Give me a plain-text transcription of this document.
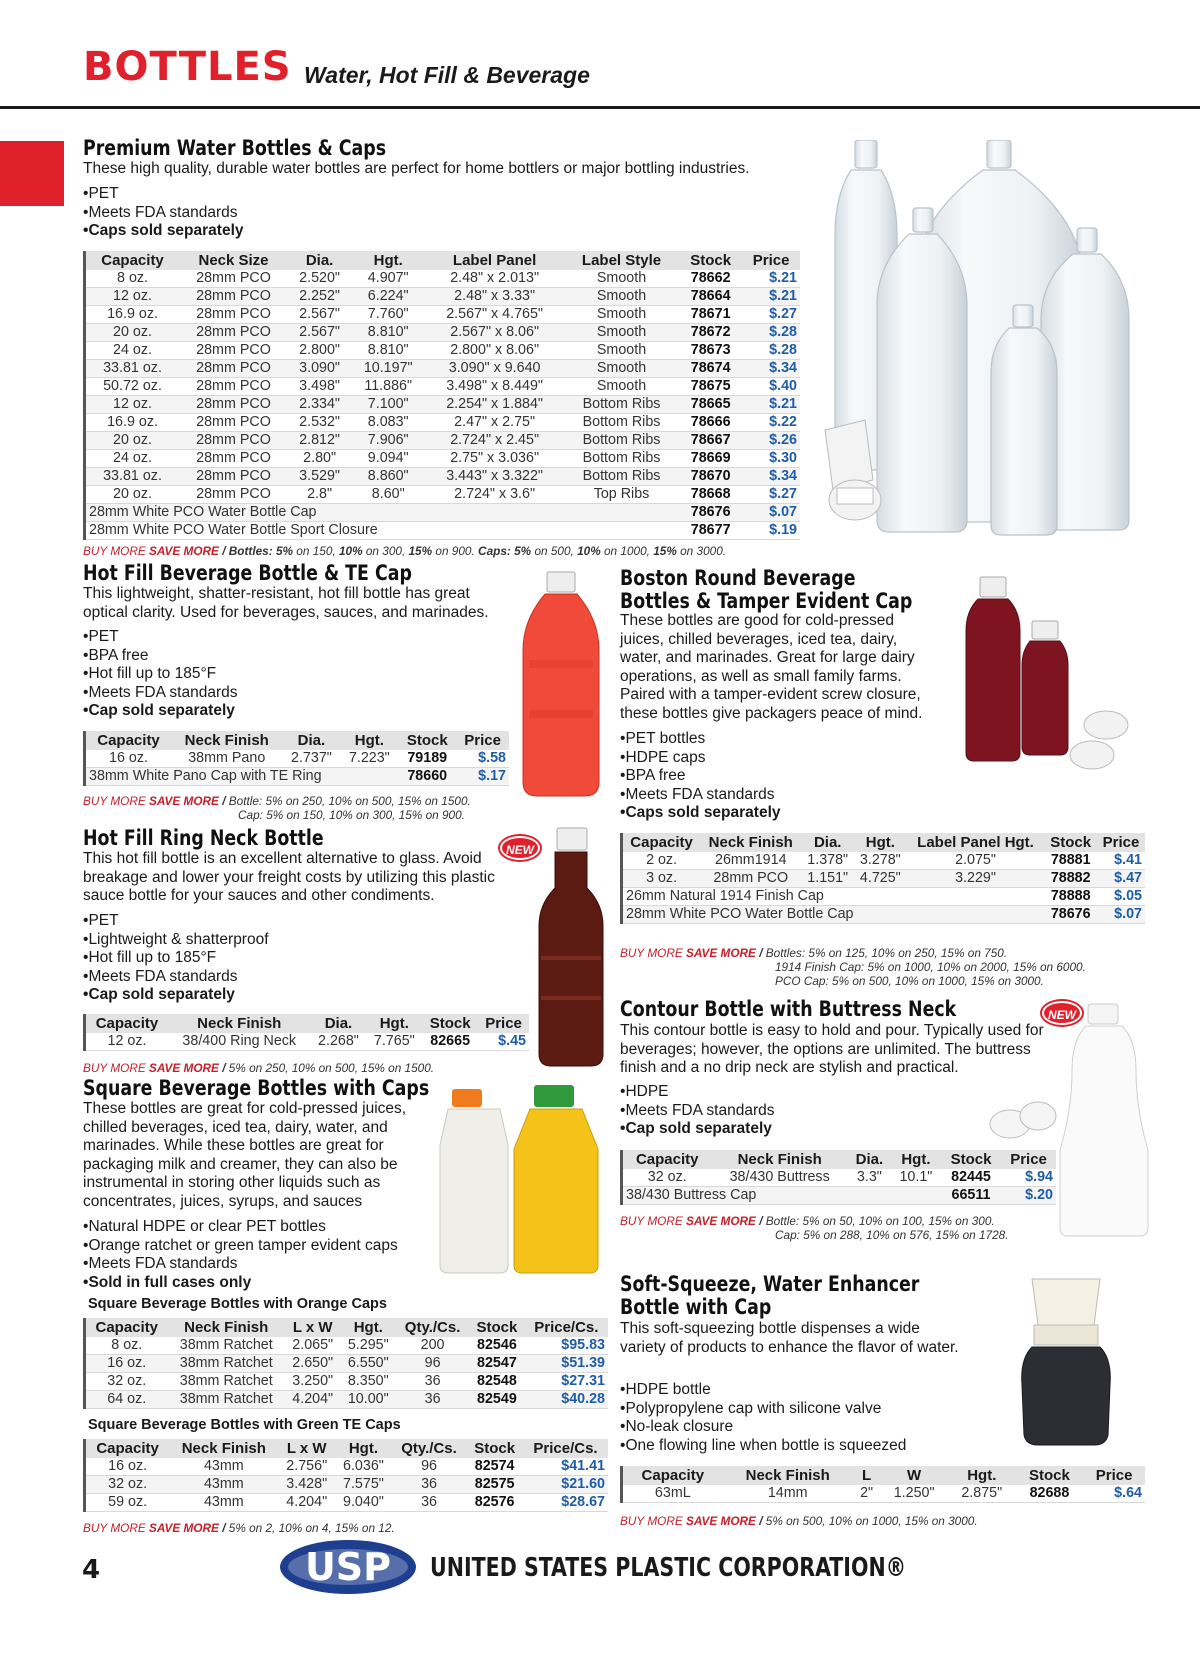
BOTTLES Water, Hot Fill & Beverage
Premium Water Bottles & Caps
These high quality, durable water bottles are perfect for home bottlers or major bottling industries.
• PET
• Meets FDA standards
• Caps sold separately
Capacity	Neck Size	Dia.	Hgt.	Label Panel	Label Style	Stock	Price
8 oz.	28mm PCO	2.520"	4.907"	2.48" x 2.013"	Smooth	78662	$.21
12 oz.	28mm PCO	2.252"	6.224"	2.48" x 3.33"	Smooth	78664	$.21
16.9 oz.	28mm PCO	2.567"	7.760"	2.567" x 4.765"	Smooth	78671	$.27
20 oz.	28mm PCO	2.567"	8.810"	2.567" x 8.06"	Smooth	78672	$.28
24 oz.	28mm PCO	2.800"	8.810"	2.800" x 8.06"	Smooth	78673	$.28
33.81 oz.	28mm PCO	3.090"	10.197"	3.090" x 9.640	Smooth	78674	$.34
50.72 oz.	28mm PCO	3.498"	11.886"	3.498" x 8.449"	Smooth	78675	$.40
12 oz.	28mm PCO	2.334"	7.100"	2.254" x 1.884"	Bottom Ribs	78665	$.21
16.9 oz.	28mm PCO	2.532"	8.083"	2.47" x 2.75"	Bottom Ribs	78666	$.22
20 oz.	28mm PCO	2.812"	7.906"	2.724" x 2.45"	Bottom Ribs	78667	$.26
24 oz.	28mm PCO	2.80"	9.094"	2.75" x 3.036"	Bottom Ribs	78669	$.30
33.81 oz.	28mm PCO	3.529"	8.860"	3.443" x 3.322"	Bottom Ribs	78670	$.34
20 oz.	28mm PCO	2.8"	8.60"	2.724" x 3.6"	Top Ribs	78668	$.27
28mm White PCO Water Bottle Cap						78676	$.07
28mm White PCO Water Bottle Sport Closure						78677	$.19
BUY MORE SAVE MORE / Bottles: 5% on 150, 10% on 300, 15% on 900. Caps: 5% on 500, 10% on 1000, 15% on 3000.
Hot Fill Beverage Bottle & TE Cap
This lightweight, shatter-resistant, hot fill bottle has great optical clarity. Used for beverages, sauces, and marinades.
• PET
• BPA free
• Hot fill up to 185°F
• Meets FDA standards
• Cap sold separately
Capacity	Neck Finish	Dia.	Hgt.	Stock	Price
16 oz.	38mm Pano	2.737"	7.223"	79189	$.58
38mm White Pano Cap with TE Ring				78660	$.17
BUY MORE SAVE MORE / Bottle: 5% on 250, 10% on 500, 15% on 1500.
Cap: 5% on 150, 10% on 300, 15% on 900.
Hot Fill Ring Neck Bottle	NEW
This hot fill bottle is an excellent alternative to glass. Avoid breakage and lower your freight costs by utilizing this plastic sauce bottle for your sauces and other condiments.
• PET
• Lightweight & shatterproof
• Hot fill up to 185°F
• Meets FDA standards
• Cap sold separately
Capacity	Neck Finish	Dia.	Hgt.	Stock	Price
12 oz.	38/400 Ring Neck	2.268"	7.765"	82665	$.45
BUY MORE SAVE MORE / 5% on 250, 10% on 500, 15% on 1500.
Square Beverage Bottles with Caps
These bottles are great for cold-pressed juices, chilled beverages, iced tea, dairy, water, and marinades. While these bottles are great for packaging milk and creamer, they can also be instrumental in storing other liquids such as concentrates, juices, syrups, and sauces
• Natural HDPE or clear PET bottles
• Orange ratchet or green tamper evident caps
• Meets FDA standards
• Sold in full cases only
Square Beverage Bottles with Orange Caps
Capacity	Neck Finish	L x W	Hgt.	Qty./Cs.	Stock	Price/Cs.
8 oz.	38mm Ratchet	2.065"	5.295"	200	82546	$95.83
16 oz.	38mm Ratchet	2.650"	6.550"	96	82547	$51.39
32 oz.	38mm Ratchet	3.250"	8.350"	36	82548	$27.31
64 oz.	38mm Ratchet	4.204"	10.00"	36	82549	$40.28
Square Beverage Bottles with Green TE Caps
Capacity	Neck Finish	L x W	Hgt.	Qty./Cs.	Stock	Price/Cs.
16 oz.	43mm	2.756"	6.036"	96	82574	$41.41
32 oz.	43mm	3.428"	7.575"	36	82575	$21.60
59 oz.	43mm	4.204"	9.040"	36	82576	$28.67
BUY MORE SAVE MORE / 5% on 2, 10% on 4, 15% on 12.
Boston Round Beverage Bottles & Tamper Evident Cap
These bottles are good for cold-pressed juices, chilled beverages, iced tea, dairy, water, and marinades. Great for large dairy operations, as well as small family farms. Paired with a tamper-evident screw closure, these bottles give packagers peace of mind.
• PET bottles
• HDPE caps
• BPA free
• Meets FDA standards
• Caps sold separately
Capacity	Neck Finish	Dia.	Hgt.	Label Panel Hgt.	Stock	Price
2 oz.	26mm1914	1.378"	3.278"	2.075"	78881	$.41
3 oz.	28mm PCO	1.151"	4.725"	3.229"	78882	$.47
26mm Natural 1914 Finish Cap					78888	$.05
28mm White PCO Water Bottle Cap					78676	$.07
BUY MORE SAVE MORE / Bottles: 5% on 125, 10% on 250, 15% on 750.
1914 Finish Cap: 5% on 1000, 10% on 2000, 15% on 6000.
PCO Cap: 5% on 500, 10% on 1000, 15% on 3000.
Contour Bottle with Buttress Neck	NEW
This contour bottle is easy to hold and pour. Typically used for beverages; however, the options are unlimited. The buttress finish and a no drip neck are stylish and practical.
• HDPE
• Meets FDA standards
• Cap sold separately
Capacity	Neck Finish	Dia.	Hgt.	Stock	Price
32 oz.	38/430 Buttress	3.3"	10.1"	82445	$.94
38/430 Buttress Cap				66511	$.20
BUY MORE SAVE MORE / Bottle: 5% on 50, 10% on 100, 15% on 300.
Cap: 5% on 288, 10% on 576, 15% on 1728.
Soft-Squeeze, Water Enhancer Bottle with Cap
This soft-squeezing bottle dispenses a wide variety of products to enhance the flavor of water.
• HDPE bottle
• Polypropylene cap with silicone valve
• No-leak closure
• One flowing line when bottle is squeezed
Capacity	Neck Finish	L	W	Hgt.	Stock	Price
63mL	14mm	2"	1.250"	2.875"	82688	$.64
BUY MORE SAVE MORE / 5% on 500, 10% on 1000, 15% on 3000.
4	USP UNITED STATES PLASTIC CORPORATION®
